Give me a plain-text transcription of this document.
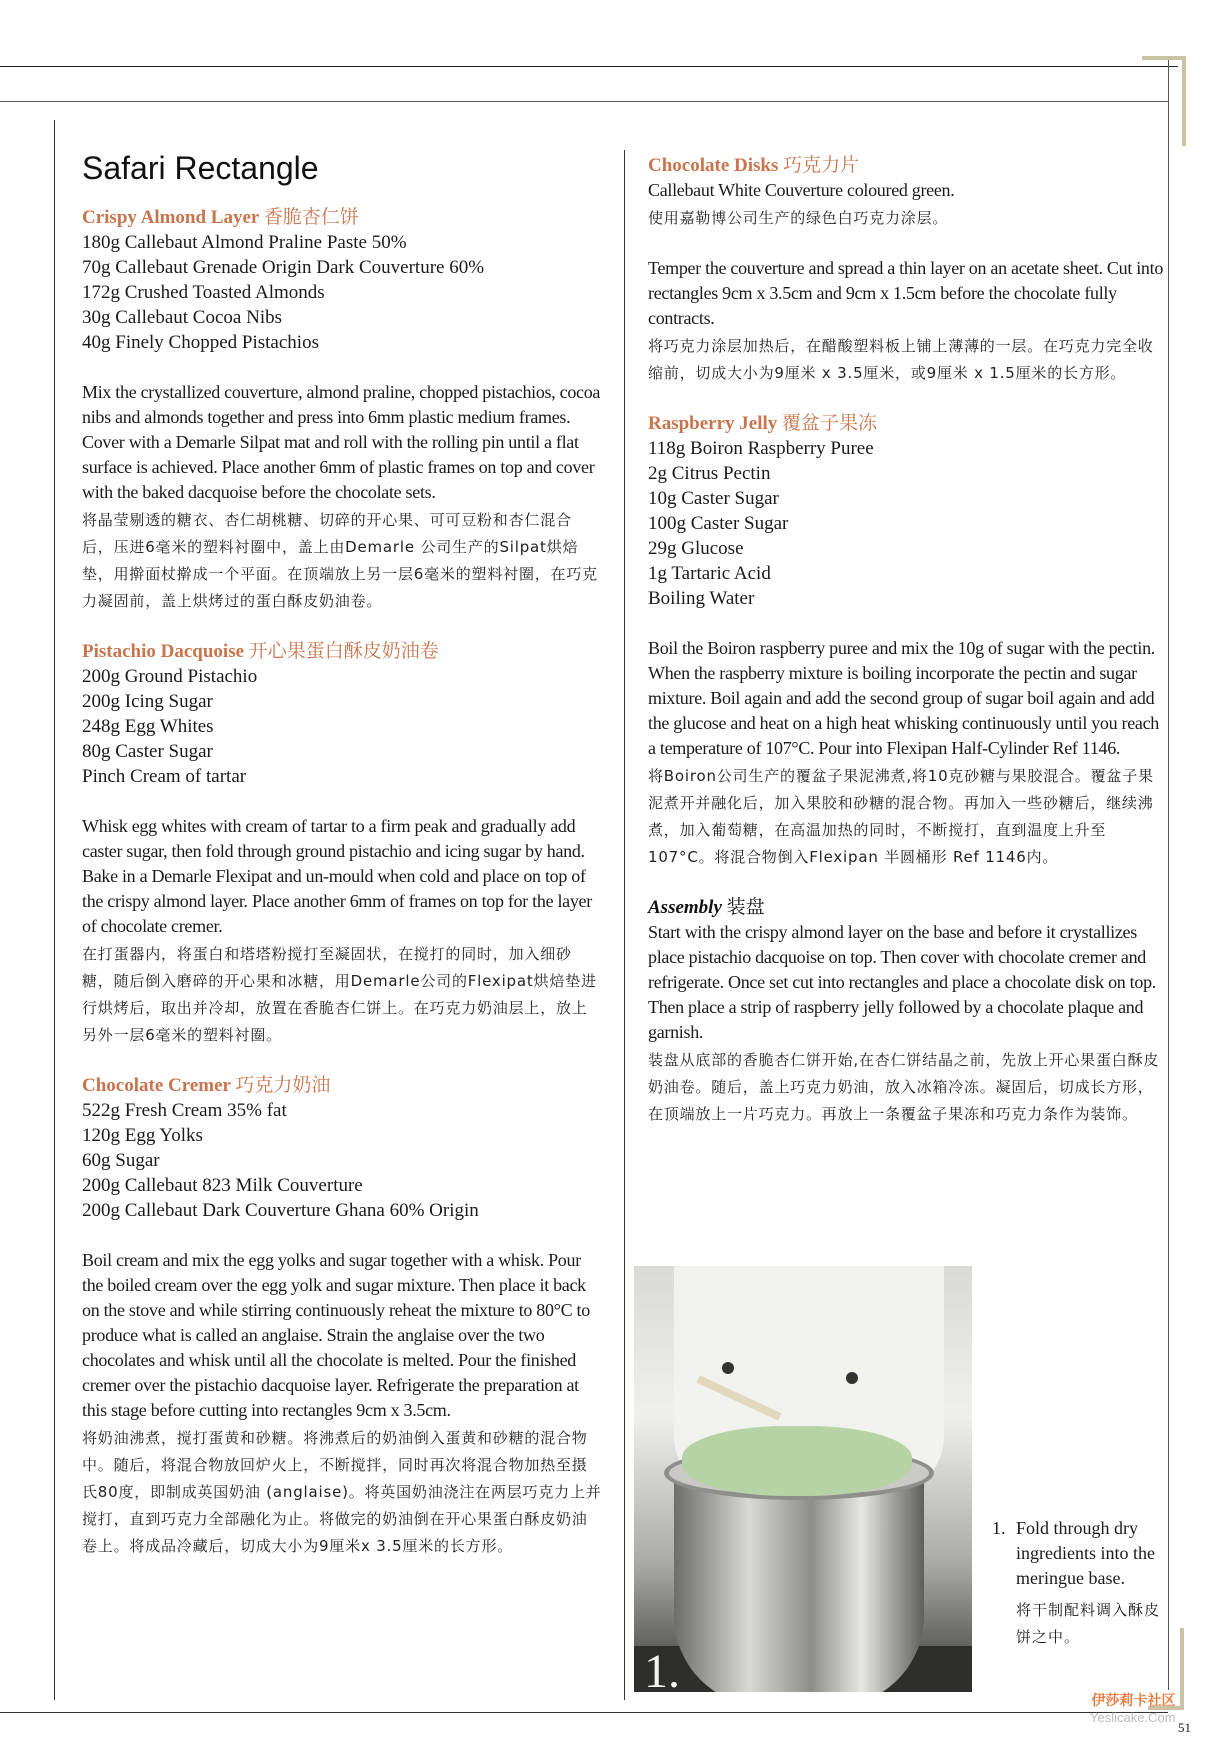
Safari Rectangle

Crispy Almond Layer 香脆杏仁饼

180g Callebaut Almond Praline Paste 50%
70g Callebaut Grenade Origin Dark Couverture 60%
172g Crushed Toasted Almonds
30g Callebaut Cocoa Nibs
40g Finely Chopped Pistachios

Mix the crystallized couverture, almond praline, chopped pistachios, cocoa nibs and almonds together and press into 6mm plastic medium frames. Cover with a Demarle Silpat mat and roll with the rolling pin until a flat surface is achieved. Place another 6mm of plastic frames on top and cover with the baked dacquoise before the chocolate sets.

将晶莹剔透的糖衣、杏仁胡桃糖、切碎的开心果、可可豆粉和杏仁混合后，压进6毫米的塑料衬圈中，盖上由Demarle 公司生产的Silpat烘焙垫，用擀面杖擀成一个平面。在顶端放上另一层6毫米的塑料衬圈，在巧克力凝固前，盖上烘烤过的蛋白酥皮奶油卷。

Pistachio Dacquoise 开心果蛋白酥皮奶油卷

200g Ground Pistachio
200g Icing Sugar
248g Egg Whites
80g Caster Sugar
Pinch Cream of tartar

Whisk egg whites with cream of tartar to a firm peak and gradually add caster sugar, then fold through ground pistachio and icing sugar by hand. Bake in a Demarle Flexipat and un-mould when cold and place on top of the crispy almond layer. Place another 6mm of frames on top for the layer of chocolate cremer.

在打蛋器内，将蛋白和塔塔粉搅打至凝固状，在搅打的同时，加入细砂糖，随后倒入磨碎的开心果和冰糖，用Demarle公司的Flexipat烘焙垫进行烘烤后，取出并冷却，放置在香脆杏仁饼上。在巧克力奶油层上，放上另外一层6毫米的塑料衬圈。

Chocolate Cremer 巧克力奶油

522g Fresh Cream 35% fat
120g Egg Yolks
60g Sugar
200g Callebaut 823 Milk Couverture
200g Callebaut Dark Couverture Ghana 60% Origin

Boil cream and mix the egg yolks and sugar together with a whisk. Pour the boiled cream over the egg yolk and sugar mixture. Then place it back on the stove and while stirring continuously reheat the mixture to 80°C to produce what is called an anglaise. Strain the anglaise over the two chocolates and whisk until all the chocolate is melted. Pour the finished cremer over the pistachio dacquoise layer. Refrigerate the preparation at this stage before cutting into rectangles 9cm x 3.5cm.

将奶油沸煮，搅打蛋黄和砂糖。将沸煮后的奶油倒入蛋黄和砂糖的混合物中。随后，将混合物放回炉火上，不断搅拌，同时再次将混合物加热至摄氏80度，即制成英国奶油 (anglaise)。将英国奶油浇注在两层巧克力上并搅打，直到巧克力全部融化为止。将做完的奶油倒在开心果蛋白酥皮奶油卷上。将成品冷藏后，切成大小为9厘米x 3.5厘米的长方形。

Chocolate Disks 巧克力片

Callebaut White Couverture coloured green.

使用嘉勒博公司生产的绿色白巧克力涂层。

Temper the couverture and spread a thin layer on an acetate sheet. Cut into rectangles 9cm x 3.5cm and 9cm x 1.5cm before the chocolate fully contracts.

将巧克力涂层加热后，在醋酸塑料板上铺上薄薄的一层。在巧克力完全收缩前，切成大小为9厘米 x 3.5厘米，或9厘米 x 1.5厘米的长方形。

Raspberry Jelly 覆盆子果冻

118g Boiron Raspberry Puree
2g Citrus Pectin
10g Caster Sugar
100g Caster Sugar
29g Glucose
1g Tartaric Acid
Boiling Water

Boil the Boiron raspberry puree and mix the 10g of sugar with the pectin. When the raspberry mixture is boiling incorporate the pectin and sugar mixture. Boil again and add the second group of sugar boil again and add the glucose and heat on a high heat whisking continuously until you reach a temperature of 107°C. Pour into Flexipan Half-Cylinder Ref 1146.

将Boiron公司生产的覆盆子果泥沸煮,将10克砂糖与果胶混合。覆盆子果泥煮开并融化后，加入果胶和砂糖的混合物。再加入一些砂糖后，继续沸煮，加入葡萄糖，在高温加热的同时，不断搅打，直到温度上升至107°C。将混合物倒入Flexipan 半圆桶形 Ref 1146内。

Assembly 装盘

Start with the crispy almond layer on the base and before it crystallizes place pistachio dacquoise on top. Then cover with chocolate cremer and refrigerate. Once set cut into rectangles and place a chocolate disk on top. Then place a strip of raspberry jelly followed by a chocolate plaque and garnish.

装盘从底部的香脆杏仁饼开始,在杏仁饼结晶之前，先放上开心果蛋白酥皮奶油卷。随后，盖上巧克力奶油，放入冰箱冷冻。凝固后，切成长方形，在顶端放上一片巧克力。再放上一条覆盆子果冻和巧克力条作为装饰。

1.

1. Fold through dry ingredients into the meringue base.

将干制配料调入酥皮饼之中。

伊莎莉卡社区
Yeslicake.Com
51
